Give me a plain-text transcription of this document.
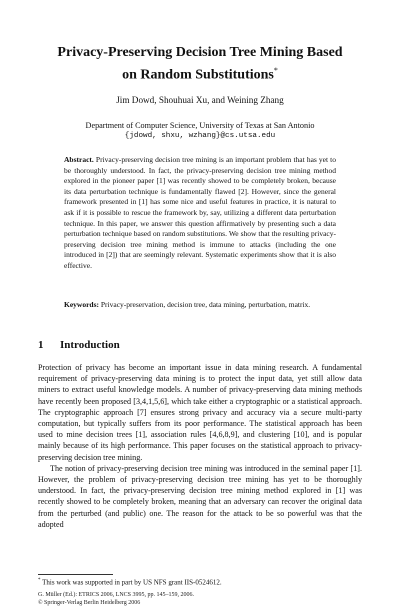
Privacy-Preserving Decision Tree Mining Based on Random Substitutions*
Jim Dowd, Shouhuai Xu, and Weining Zhang
Department of Computer Science, University of Texas at San Antonio
{jdowd, shxu, wzhang}@cs.utsa.edu
Abstract. Privacy-preserving decision tree mining is an important problem that has yet to be thoroughly understood. In fact, the privacy-preserving decision tree mining method explored in the pioneer paper [1] was recently showed to be completely broken, because its data perturbation technique is fundamentally flawed [2]. However, since the general framework presented in [1] has some nice and useful features in practice, it is natural to ask if it is possible to rescue the framework by, say, utilizing a different data perturbation technique. In this paper, we answer this question affirmatively by presenting such a data perturbation technique based on random substitutions. We show that the resulting privacy-preserving decision tree mining method is immune to attacks (including the one introduced in [2]) that are seemingly relevant. Systematic experiments show that it is also effective.
Keywords: Privacy-preservation, decision tree, data mining, perturbation, matrix.
1 Introduction

Protection of privacy has become an important issue in data mining research. A fundamental requirement of privacy-preserving data mining is to protect the input data, yet still allow data miners to extract useful knowledge models. A number of privacy-preserving data mining methods have recently been proposed [3,4,1,5,6], which take either a cryptographic or a statistical approach. The cryptographic approach [7] ensures strong privacy and accuracy via a secure multi-party computation, but typically suffers from its poor performance. The statistical approach has been used to mine decision trees [1], association rules [4,6,8,9], and clustering [10], and is popular mainly because of its high performance. This paper focuses on the statistical approach to privacy-preserving decision tree mining.

The notion of privacy-preserving decision tree mining was introduced in the seminal paper [1]. However, the problem of privacy-preserving decision tree mining has yet to be thoroughly understood. In fact, the privacy-preserving decision tree mining method explored in [1] was recently showed to be completely broken, meaning that an adversary can recover the original data from the perturbed (and public) one. The reason for the attack to be so powerful was that the adopted

* This work was supported in part by US NFS grant IIS-0524612.
G. Müller (Ed.): ETRICS 2006, LNCS 3995, pp. 145–159, 2006.
© Springer-Verlag Berlin Heidelberg 2006
